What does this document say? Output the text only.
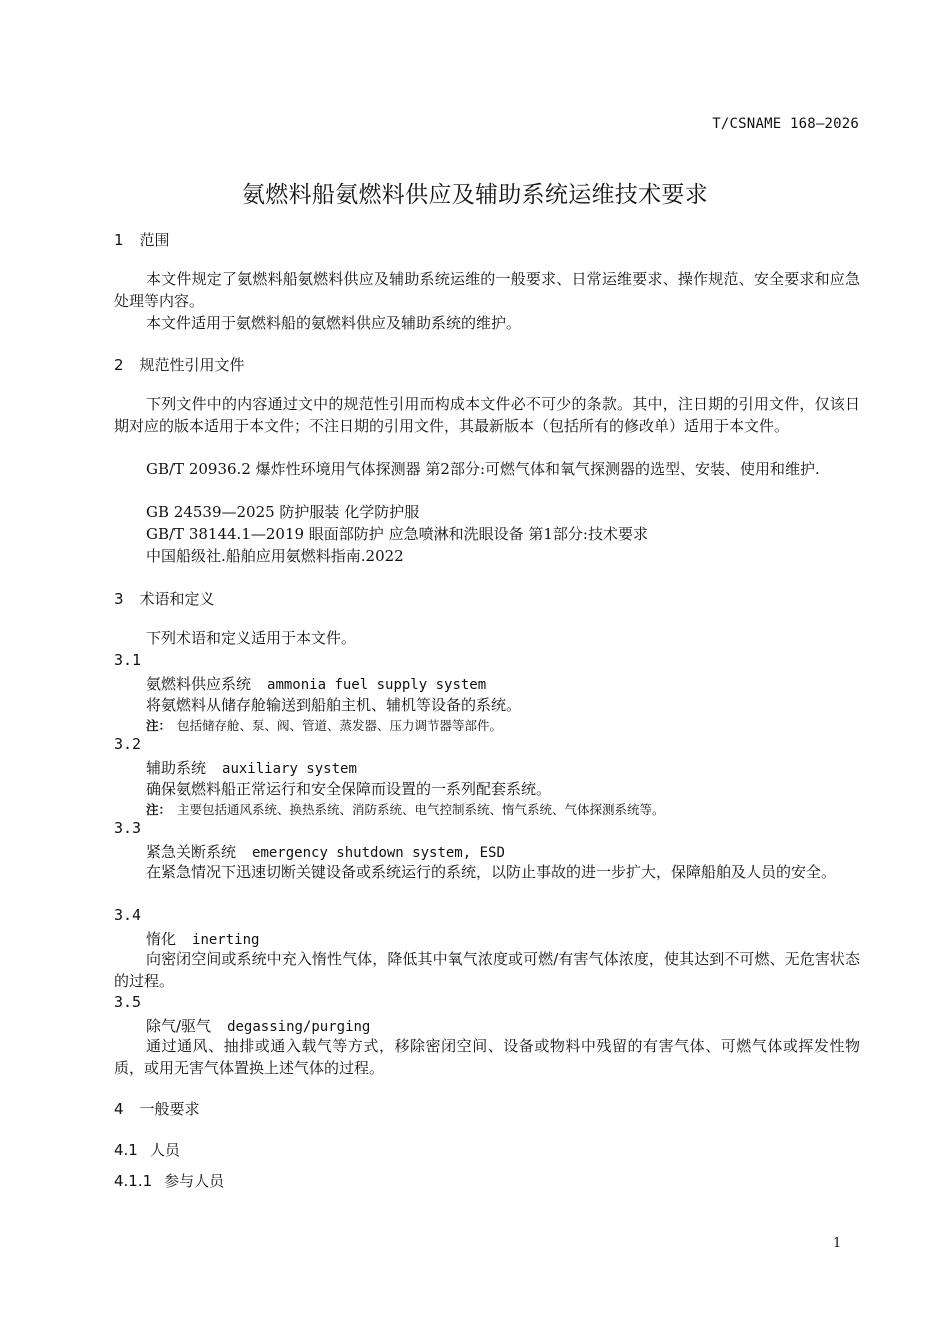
T/CSNAME 168—2026
氨燃料船氨燃料供应及辅助系统运维技术要求
1 范围
本文件规定了氨燃料船氨燃料供应及辅助系统运维的一般要求、日常运维要求、操作规范、安全要求和应急处理等内容。
本文件适用于氨燃料船的氨燃料供应及辅助系统的维护。
2 规范性引用文件
下列文件中的内容通过文中的规范性引用而构成本文件必不可少的条款。其中，注日期的引用文件，仅该日期对应的版本适用于本文件；不注日期的引用文件，其最新版本（包括所有的修改单）适用于本文件。
GB/T 20936.2 爆炸性环境用气体探测器 第2部分:可燃气体和氧气探测器的选型、安装、使用和维护.
GB 24539—2025 防护服装 化学防护服
GB/T 38144.1—2019 眼面部防护 应急喷淋和洗眼设备 第1部分:技术要求
中国船级社.船舶应用氨燃料指南.2022
3 术语和定义
下列术语和定义适用于本文件。
3.1
氨燃料供应系统 ammonia fuel supply system
将氨燃料从储存舱输送到船舶主机、辅机等设备的系统。
注： 包括储存舱、泵、阀、管道、蒸发器、压力调节器等部件。
3.2
辅助系统 auxiliary system
确保氨燃料船正常运行和安全保障而设置的一系列配套系统。
注： 主要包括通风系统、换热系统、消防系统、电气控制系统、惰气系统、气体探测系统等。
3.3
紧急关断系统 emergency shutdown system, ESD
在紧急情况下迅速切断关键设备或系统运行的系统，以防止事故的进一步扩大，保障船舶及人员的安全。
3.4
惰化 inerting
向密闭空间或系统中充入惰性气体，降低其中氧气浓度或可燃/有害气体浓度，使其达到不可燃、无危害状态的过程。
3.5
除气/驱气 degassing/purging
通过通风、抽排或通入载气等方式，移除密闭空间、设备或物料中残留的有害气体、可燃气体或挥发性物质，或用无害气体置换上述气体的过程。
4 一般要求
4.1 人员
4.1.1 参与人员
1
